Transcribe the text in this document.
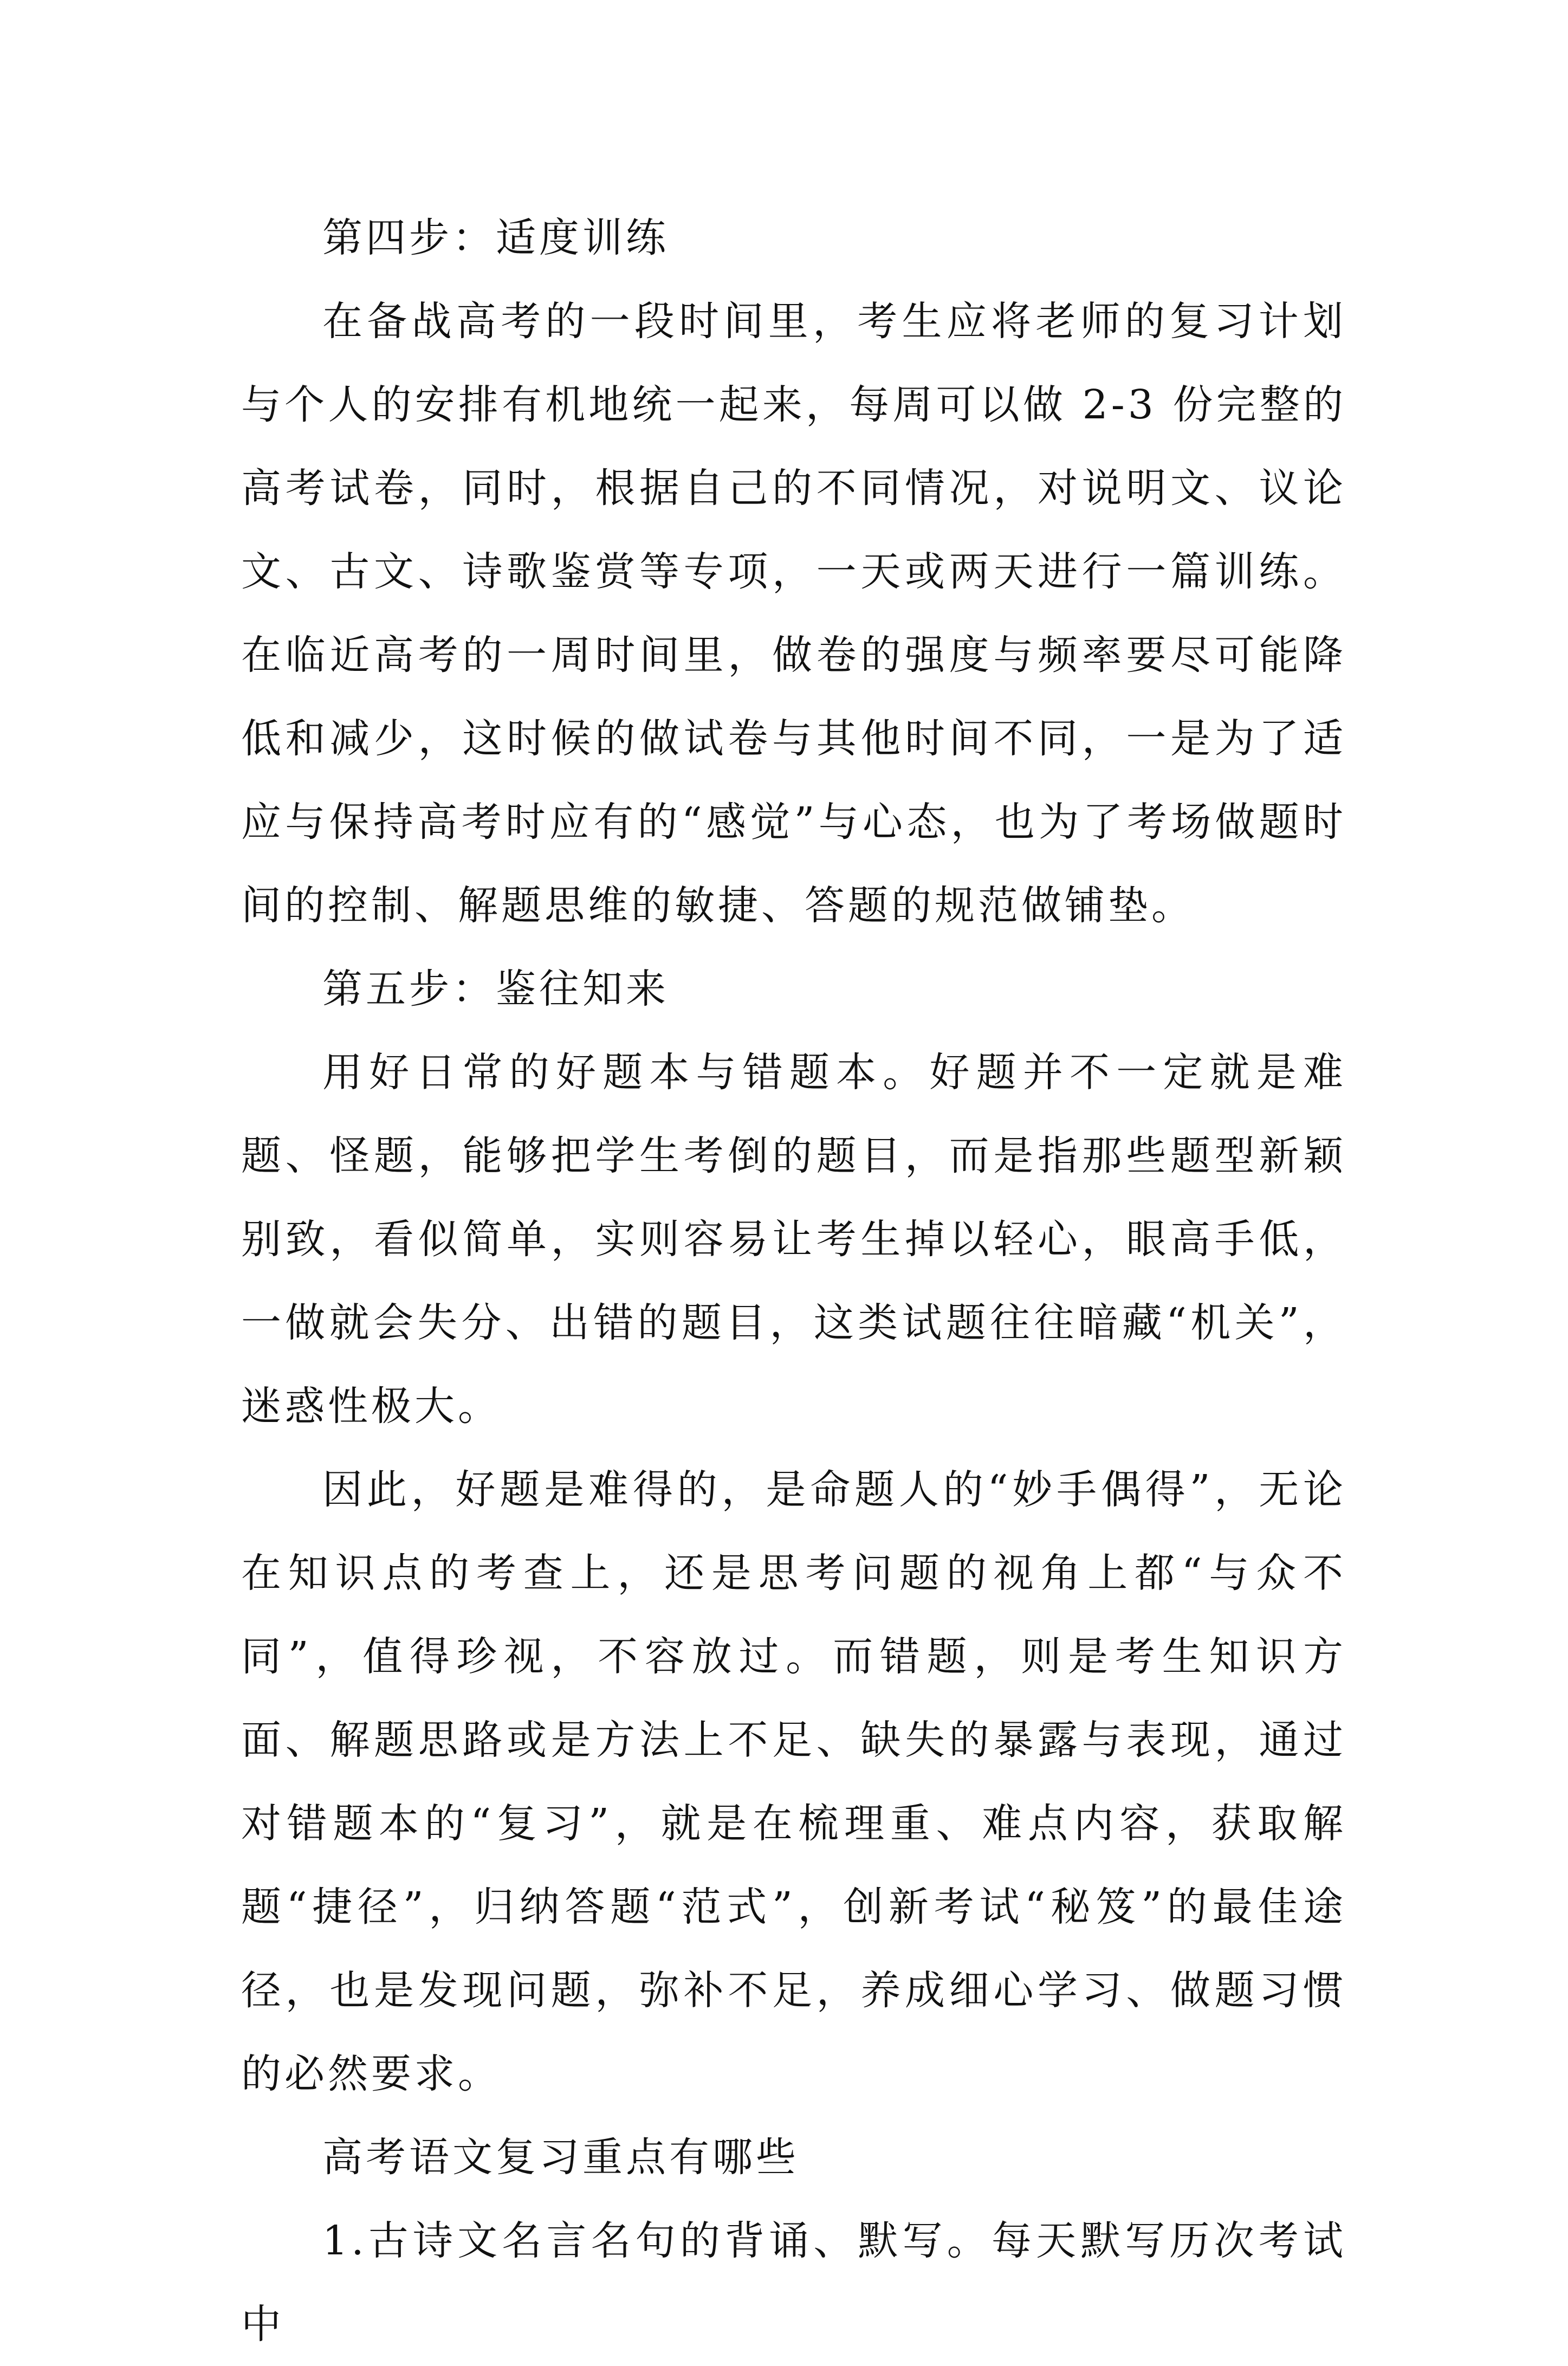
第四步：适度训练

在备战高考的一段时间里，考生应将老师的复习计划与个人的安排有机地统一起来，每周可以做 2-3 份完整的高考试卷，同时，根据自己的不同情况，对说明文、议论文、古文、诗歌鉴赏等专项，一天或两天进行一篇训练。在临近高考的一周时间里，做卷的强度与频率要尽可能降低和减少，这时候的做试卷与其他时间不同，一是为了适应与保持高考时应有的“感觉”与心态，也为了考场做题时间的控制、解题思维的敏捷、答题的规范做铺垫。

第五步：鉴往知来

用好日常的好题本与错题本。好题并不一定就是难题、怪题，能够把学生考倒的题目，而是指那些题型新颖别致，看似简单，实则容易让考生掉以轻心，眼高手低，一做就会失分、出错的题目，这类试题往往暗藏“机关”，迷惑性极大。

因此，好题是难得的，是命题人的“妙手偶得”，无论在知识点的考查上，还是思考问题的视角上都“与众不同”，值得珍视，不容放过。而错题，则是考生知识方面、解题思路或是方法上不足、缺失的暴露与表现，通过对错题本的“复习”，就是在梳理重、难点内容，获取解题“捷径”，归纳答题“范式”，创新考试“秘笈”的最佳途径，也是发现问题，弥补不足，养成细心学习、做题习惯的必然要求。

高考语文复习重点有哪些

1.古诗文名言名句的背诵、默写。每天默写历次考试中
